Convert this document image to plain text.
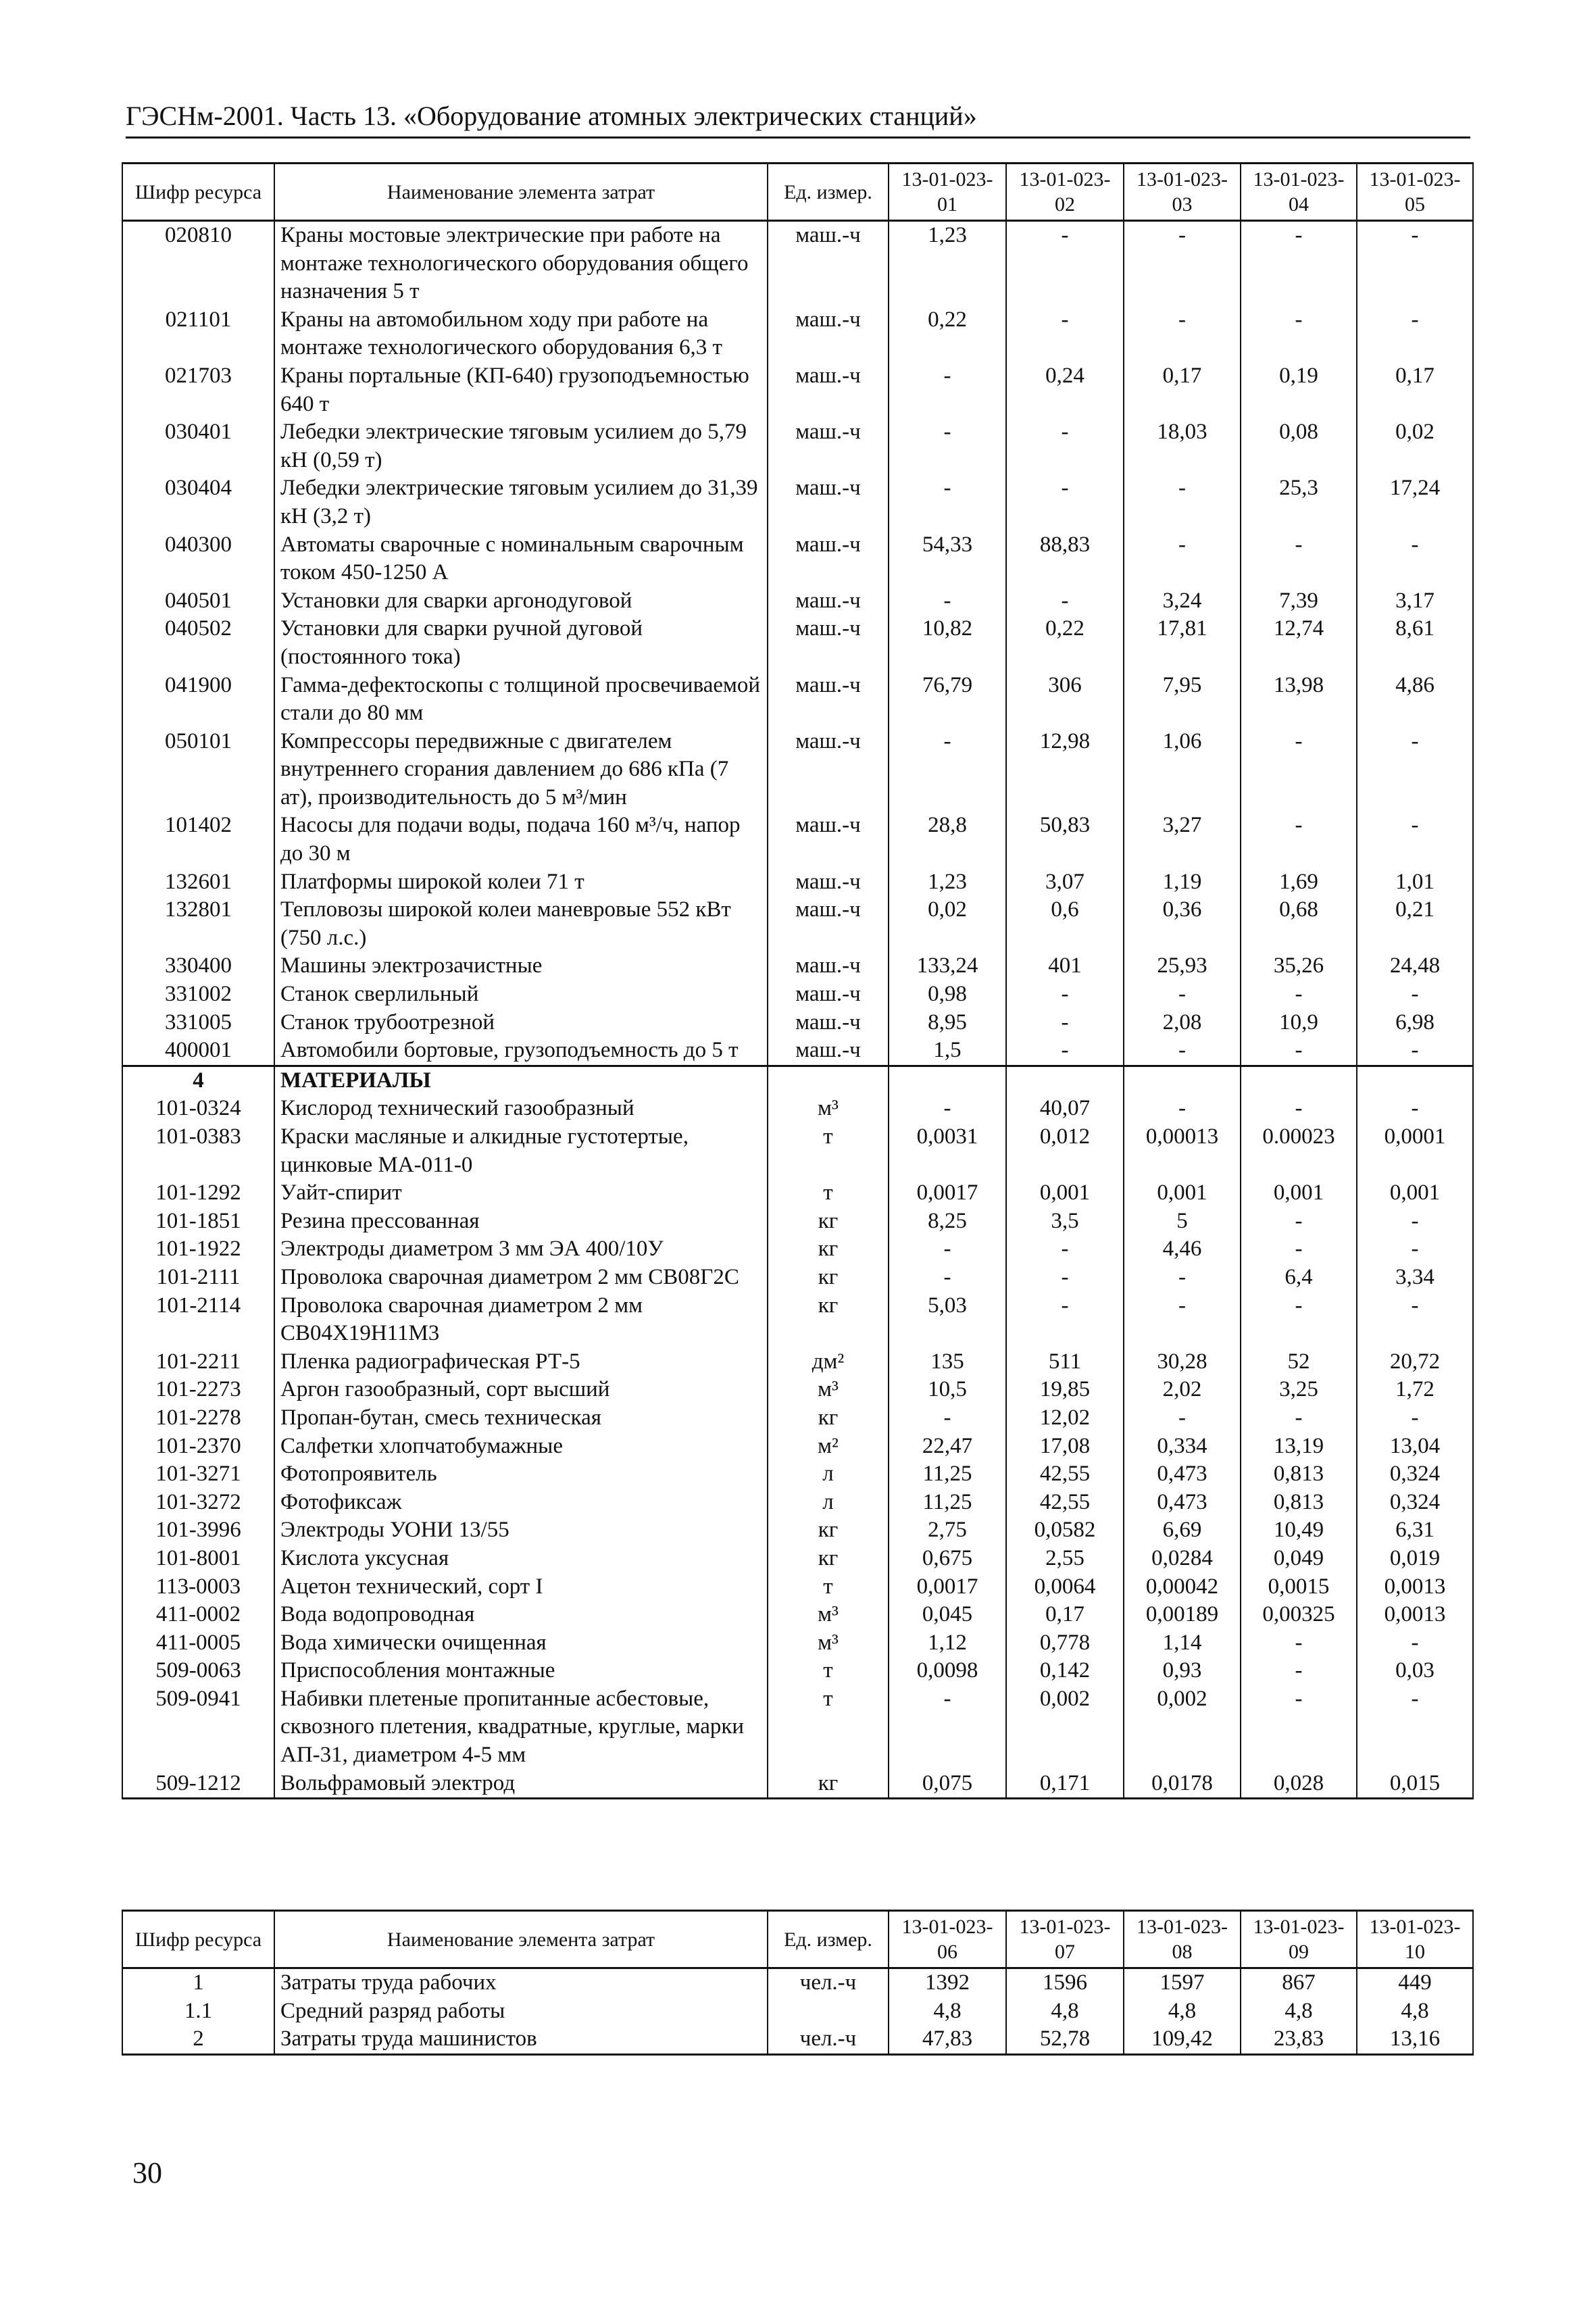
ГЭСНм-2001. Часть 13. «Оборудование атомных электрических станций»
Шифр ресурса	Наименование элемента затрат	Ед. измер.	13-01-023-01	13-01-023-02	13-01-023-03	13-01-023-04	13-01-023-05
020810	Краны мостовые электрические при работе на монтаже технологического оборудования общего назначения 5 т	маш.-ч	1,23	-	-	-	-
021101	Краны на автомобильном ходу при работе на монтаже технологического оборудования 6,3 т	маш.-ч	0,22	-	-	-	-
021703	Краны портальные (КП-640) грузоподъемностью 640 т	маш.-ч	-	0,24	0,17	0,19	0,17
030401	Лебедки электрические тяговым усилием до 5,79 кН (0,59 т)	маш.-ч	-	-	18,03	0,08	0,02
030404	Лебедки электрические тяговым усилием до 31,39 кН (3,2 т)	маш.-ч	-	-	-	25,3	17,24
040300	Автоматы сварочные с номинальным сварочным током 450-1250 А	маш.-ч	54,33	88,83	-	-	-
040501	Установки для сварки аргонодуговой	маш.-ч	-	-	3,24	7,39	3,17
040502	Установки для сварки ручной дуговой (постоянного тока)	маш.-ч	10,82	0,22	17,81	12,74	8,61
041900	Гамма-дефектоскопы с толщиной просвечиваемой стали до 80 мм	маш.-ч	76,79	306	7,95	13,98	4,86
050101	Компрессоры передвижные с двигателем внутреннего сгорания давлением до 686 кПа (7 ат), производительность до 5 м³/мин	маш.-ч	-	12,98	1,06	-	-
101402	Насосы для подачи воды, подача 160 м³/ч, напор до 30 м	маш.-ч	28,8	50,83	3,27	-	-
132601	Платформы широкой колеи 71 т	маш.-ч	1,23	3,07	1,19	1,69	1,01
132801	Тепловозы широкой колеи маневровые 552 кВт (750 л.с.)	маш.-ч	0,02	0,6	0,36	0,68	0,21
330400	Машины электрозачистные	маш.-ч	133,24	401	25,93	35,26	24,48
331002	Станок сверлильный	маш.-ч	0,98	-	-	-	-
331005	Станок трубоотрезной	маш.-ч	8,95	-	2,08	10,9	6,98
400001	Автомобили бортовые, грузоподъемность до 5 т	маш.-ч	1,5	-	-	-	-
4	МАТЕРИАЛЫ						
101-0324	Кислород технический газообразный	м³	-	40,07	-	-	-
101-0383	Краски масляные и алкидные густотертые, цинковые МА-011-0	т	0,0031	0,012	0,00013	0.00023	0,0001
101-1292	Уайт-спирит	т	0,0017	0,001	0,001	0,001	0,001
101-1851	Резина прессованная	кг	8,25	3,5	5	-	-
101-1922	Электроды диаметром 3 мм ЭА 400/10У	кг	-	-	4,46	-	-
101-2111	Проволока сварочная диаметром 2 мм СВ08Г2С	кг	-	-	-	6,4	3,34
101-2114	Проволока сварочная диаметром 2 мм СВ04Х19Н11М3	кг	5,03	-	-	-	-
101-2211	Пленка радиографическая РТ-5	дм²	135	511	30,28	52	20,72
101-2273	Аргон газообразный, сорт высший	м³	10,5	19,85	2,02	3,25	1,72
101-2278	Пропан-бутан, смесь техническая	кг	-	12,02	-	-	-
101-2370	Салфетки хлопчатобумажные	м²	22,47	17,08	0,334	13,19	13,04
101-3271	Фотопроявитель	л	11,25	42,55	0,473	0,813	0,324
101-3272	Фотофиксаж	л	11,25	42,55	0,473	0,813	0,324
101-3996	Электроды УОНИ 13/55	кг	2,75	0,0582	6,69	10,49	6,31
101-8001	Кислота уксусная	кг	0,675	2,55	0,0284	0,049	0,019
113-0003	Ацетон технический, сорт I	т	0,0017	0,0064	0,00042	0,0015	0,0013
411-0002	Вода водопроводная	м³	0,045	0,17	0,00189	0,00325	0,0013
411-0005	Вода химически очищенная	м³	1,12	0,778	1,14	-	-
509-0063	Приспособления монтажные	т	0,0098	0,142	0,93	-	0,03
509-0941	Набивки плетеные пропитанные асбестовые, сквозного плетения, квадратные, круглые, марки АП-31, диаметром 4-5 мм	т	-	0,002	0,002	-	-
509-1212	Вольфрамовый электрод	кг	0,075	0,171	0,0178	0,028	0,015
Шифр ресурса	Наименование элемента затрат	Ед. измер.	13-01-023-06	13-01-023-07	13-01-023-08	13-01-023-09	13-01-023-10
1	Затраты труда рабочих	чел.-ч	1392	1596	1597	867	449
1.1	Средний разряд работы		4,8	4,8	4,8	4,8	4,8
2	Затраты труда машинистов	чел.-ч	47,83	52,78	109,42	23,83	13,16
30
